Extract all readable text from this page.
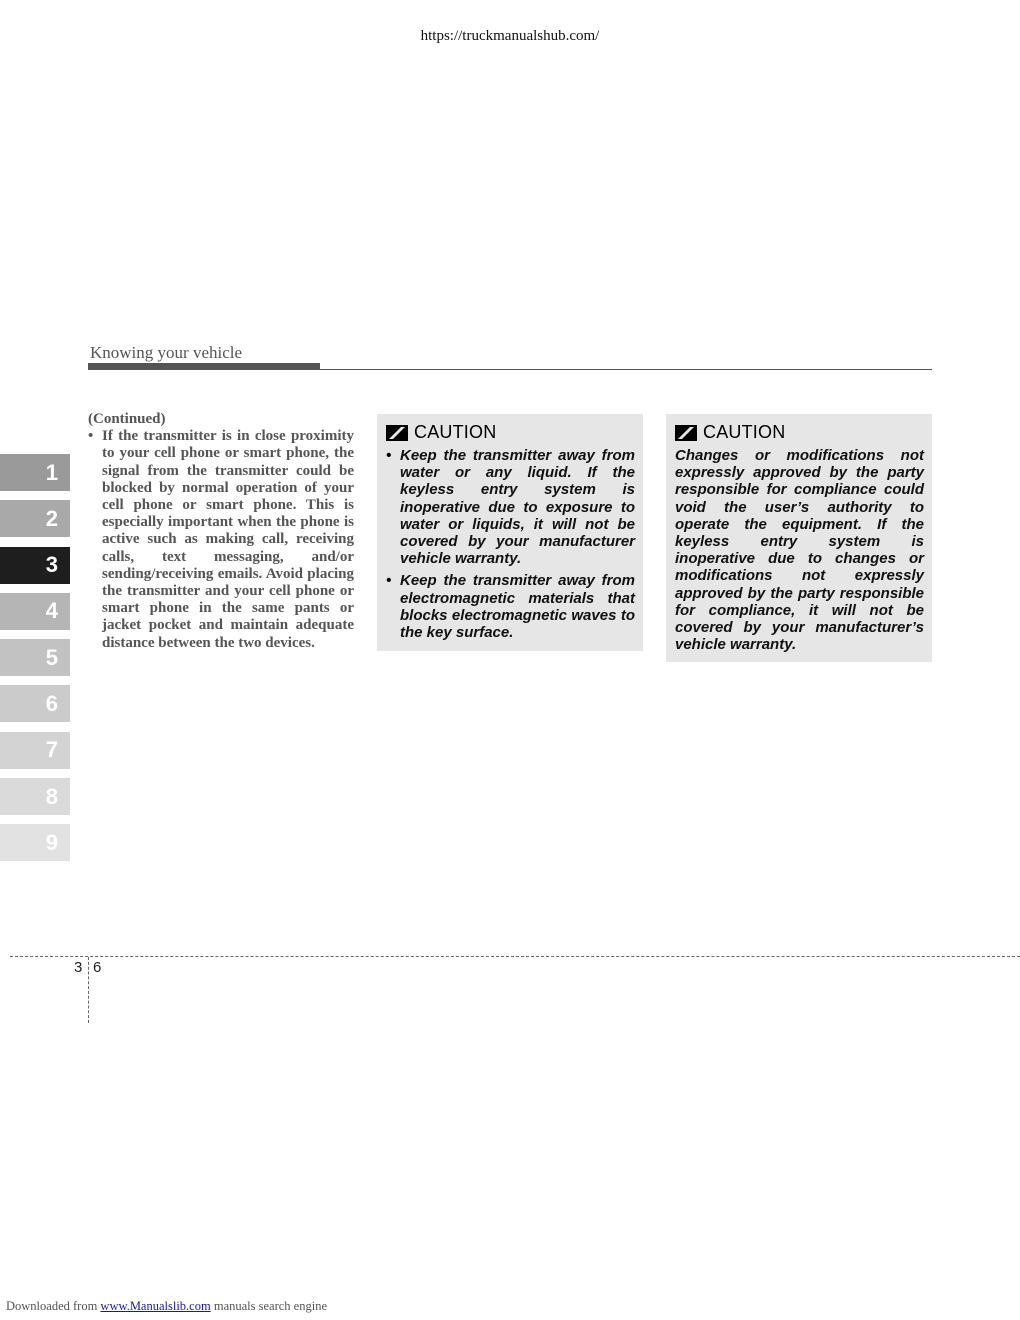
https://truckmanualshub.com/
Knowing your vehicle
1
2
3
4
5
6
7
8
9
(Continued)
• If the transmitter is in close proximity to your cell phone or smart phone, the signal from the transmitter could be blocked by normal operation of your cell phone or smart phone. This is especially important when the phone is active such as making call, receiving calls, text messaging, and/or sending/receiving emails. Avoid placing the transmitter and your cell phone or smart phone in the same pants or jacket pocket and maintain adequate distance between the two devices.
CAUTION
• Keep the transmitter away from water or any liquid. If the keyless entry system is inoperative due to exposure to water or liquids, it will not be covered by your manufacturer vehicle warranty.
• Keep the transmitter away from electromagnetic materials that blocks electromagnetic waves to the key surface.
CAUTION
Changes or modifications not expressly approved by the party responsible for compliance could void the user’s authority to operate the equipment. If the keyless entry system is inoperative due to changes or modifications not expressly approved by the party responsible for compliance, it will not be covered by your manufacturer’s vehicle warranty.
3 6
Downloaded from www.Manualslib.com manuals search engine
